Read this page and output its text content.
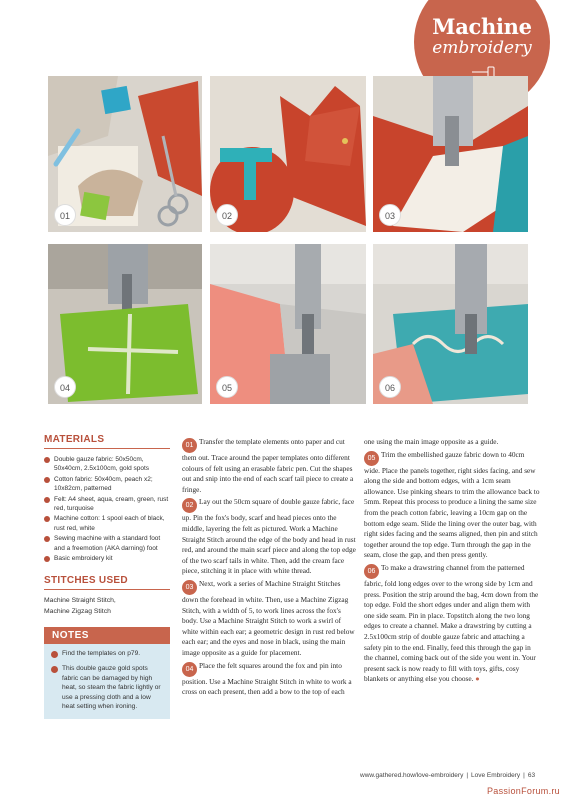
Machine
embroidery
01	02	03
04	05	06
MATERIALS
Double gauze fabric: 50x50cm, 50x40cm, 2.5x100cm, gold spots
Cotton fabric: 50x40cm, peach x2; 10x82cm, patterned
Felt: A4 sheet, aqua, cream, green, rust red, turquoise
Machine cotton: 1 spool each of black, rust red, white
Sewing machine with a standard foot and a freemotion (AKA darning) foot
Basic embroidery kit
STITCHES USED

Machine Straight Stitch,

Machine Zigzag Stitch

NOTES

Find the templates on p79.

This double gauze gold spots fabric can be damaged by high heat, so steam the fabric lightly or use a pressing cloth and a low heat setting when ironing.

01 Transfer the template elements onto paper and cut them out. Trace around the paper templates onto different colours of felt using an erasable fabric pen. Cut the shapes out and snip into the end of each scarf tail piece to create a fringe.

02 Lay out the 50cm square of double gauze fabric, face up. Pin the fox's body, scarf and head pieces onto the middle, layering the felt as pictured. Work a Machine Straight Stitch around the edge of the body and head in rust red, and around the main scarf piece and along the top edge of the two scarf tails in white. Then, add the cream face piece, stitching it in place with white thread.

03 Next, work a series of Machine Straight Stitches down the forehead in white. Then, use a Machine Zigzag Stitch, with a width of 5, to work lines across the fox's body. Use a Machine Straight Stitch to work a swirl of white within each ear; a geometric design in rust red below each ear; and the eyes and nose in black, using the main image opposite as a guide for placement.

04 Place the felt squares around the fox and pin into position. Use a Machine Straight Stitch in white to work a cross on each present, then add a bow to the top of each

one using the main image opposite as a guide.

05 Trim the embellished gauze fabric down to 40cm wide. Place the panels together, right sides facing, and sew along the side and bottom edges, with a 1cm seam allowance. Use pinking shears to trim the allowance back to 5mm. Repeat this process to produce a lining the same size from the peach cotton fabric, leaving a 10cm gap on the bottom edge seam. Slide the lining over the outer bag, with right sides facing and the seams aligned, then pin and stitch together around the top edge. Turn through the gap in the seam, close the gap, and then press gently.

06 To make a drawstring channel from the patterned fabric, fold long edges over to the wrong side by 1cm and press. Position the strip around the bag, 4cm down from the top edge. Fold the short edges under and align them with one side seam. Pin in place. Topstitch along the two long edges to create a channel. Make a drawstring by cutting a 2.5x100cm strip of double gauze fabric and attaching a safety pin to the end. Finally, feed this through the gap in the channel, coming back out of the side you went in. Your present sack is now ready to fill with toys, gifts, cosy blankets or anything else you choose. ●

www.gathered.how/love-embroidery | Love Embroidery | 63
PassionForum.ru
